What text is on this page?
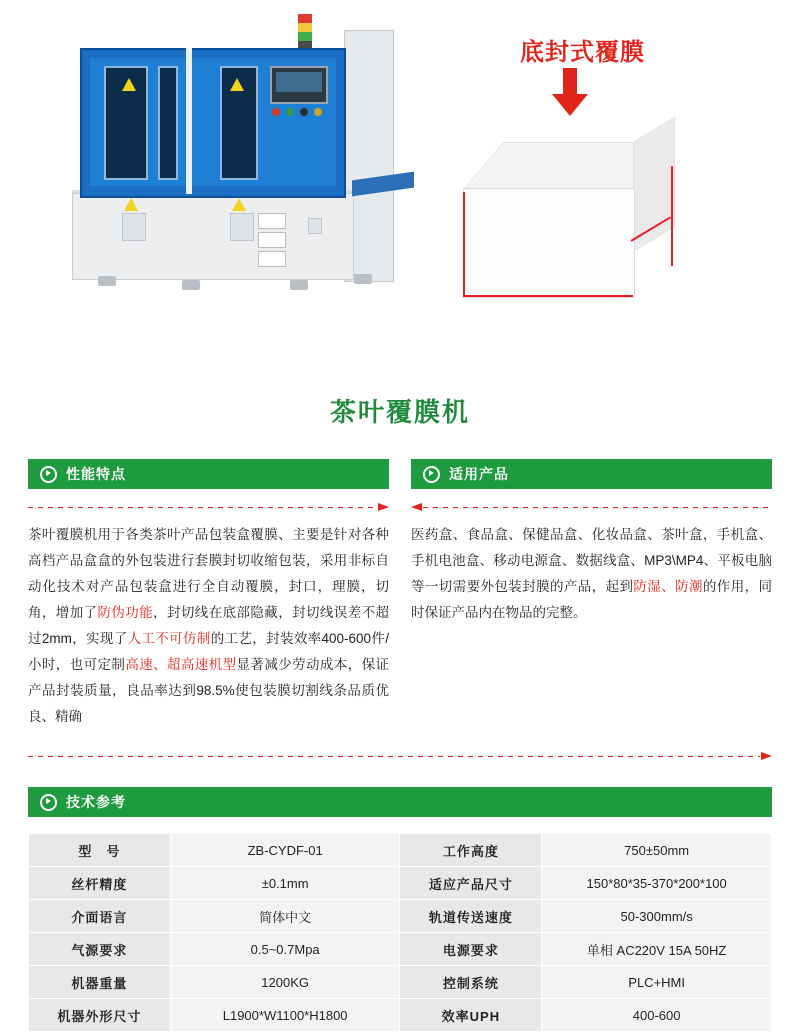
底封式覆膜
茶叶覆膜机
性能特点
茶叶覆膜机用于各类茶叶产品包装盒覆膜、主要是针对各种高档产品盒盒的外包装进行套膜封切收缩包装，采用非标自动化技术对产品包装盒进行全自动覆膜，封口，理膜，切角，增加了防伪功能，封切线在底部隐藏，封切线误差不超过2mm，实现了人工不可仿制的工艺，封装效率400-600件/小时，也可定制高速、超高速机型显著减少劳动成本，保证产品封装质量，良品率达到98.5%使包装膜切割线条品质优良、精确
适用产品
医药盒、食品盒、保健品盒、化妆品盒、茶叶盒，手机盒、手机电池盒、移动电源盒、数据线盒、MP3\MP4、平板电脑等一切需要外包装封膜的产品，起到防湿、防潮的作用，同时保证产品内在物品的完整。
技术参考
型　号	ZB-CYDF-01	工作高度	750±50mm
丝杆精度	±0.1mm	适应产品尺寸	150*80*35-370*200*100
介面语言	简体中文	轨道传送速度	50-300mm/s
气源要求	0.5~0.7Mpa	电源要求	单相 AC220V 15A 50HZ
机器重量	1200KG	控制系统	PLC+HMI
机器外形尺寸	L1900*W1100*H1800	效率UPH	400-600
